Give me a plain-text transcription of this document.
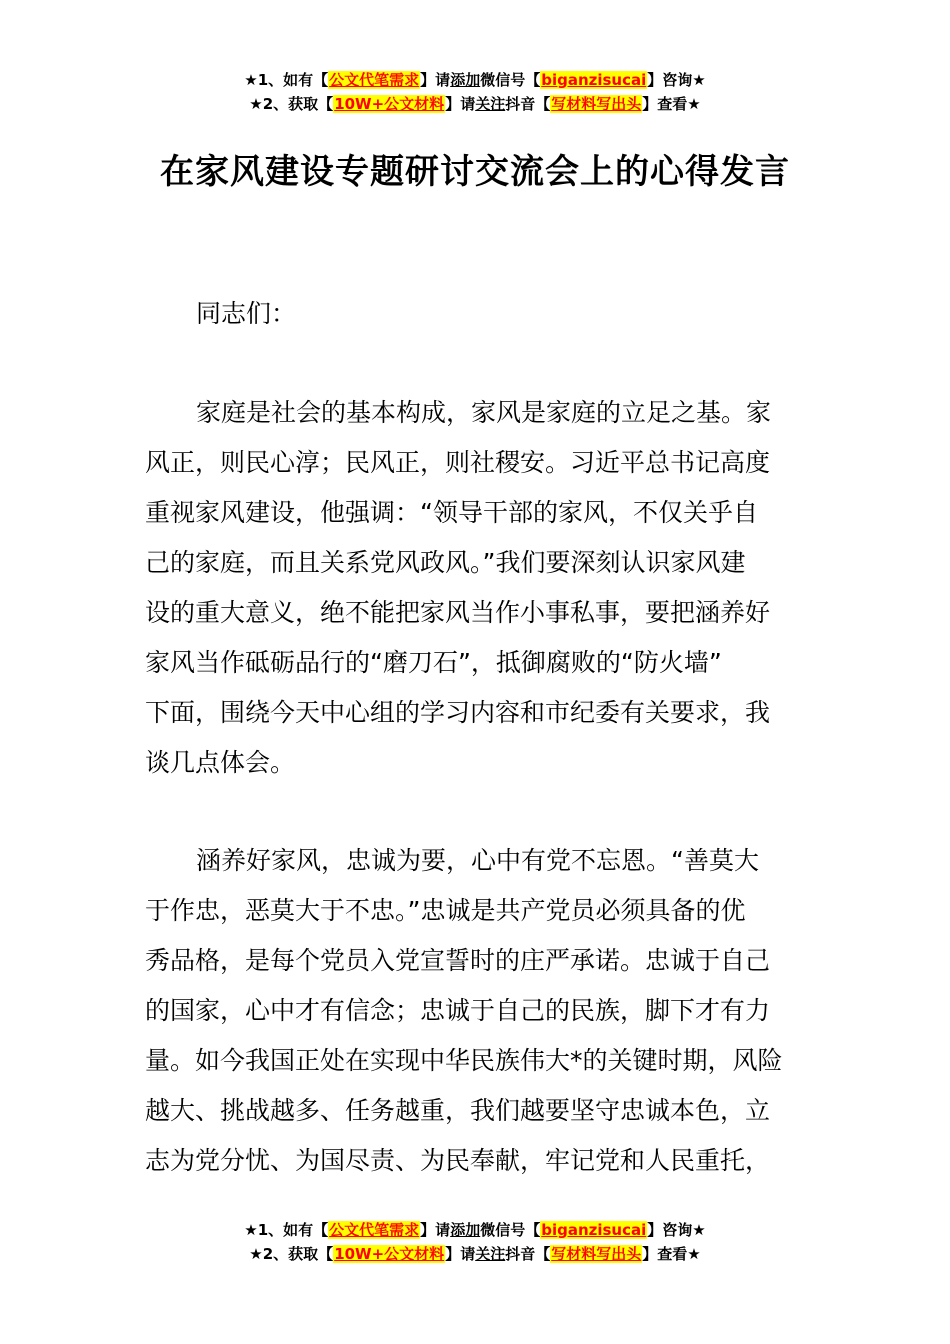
★1、如有【公文代笔需求】请添加微信号【biganzisucai】咨询★
★2、获取【10W+公文材料】请关注抖音【写材料写出头】查看★
在家风建设专题研讨交流会上的心得发言

同志们：

家庭是社会的基本构成，家风是家庭的立足之基。家
风正，则民心淳；民风正，则社稷安。习近平总书记高度
重视家风建设，他强调：“领导干部的家风，不仅关乎自
己的家庭，而且关系党风政风。”我们要深刻认识家风建
设的重大意义，绝不能把家风当作小事私事，要把涵养好
家风当作砥砺品行的“磨刀石”，抵御腐败的“防火墙”
下面，围绕今天中心组的学习内容和市纪委有关要求，我
谈几点体会。
涵养好家风，忠诚为要，心中有党不忘恩。“善莫大
于作忠，恶莫大于不忠。”忠诚是共产党员必须具备的优
秀品格，是每个党员入党宣誓时的庄严承诺。忠诚于自己
的国家，心中才有信念；忠诚于自己的民族，脚下才有力
量。如今我国正处在实现中华民族伟大*的关键时期，风险
越大、挑战越多、任务越重，我们越要坚守忠诚本色，立
志为党分忧、为国尽责、为民奉献，牢记党和人民重托，
★1、如有【公文代笔需求】请添加微信号【biganzisucai】咨询★
★2、获取【10W+公文材料】请关注抖音【写材料写出头】查看★
